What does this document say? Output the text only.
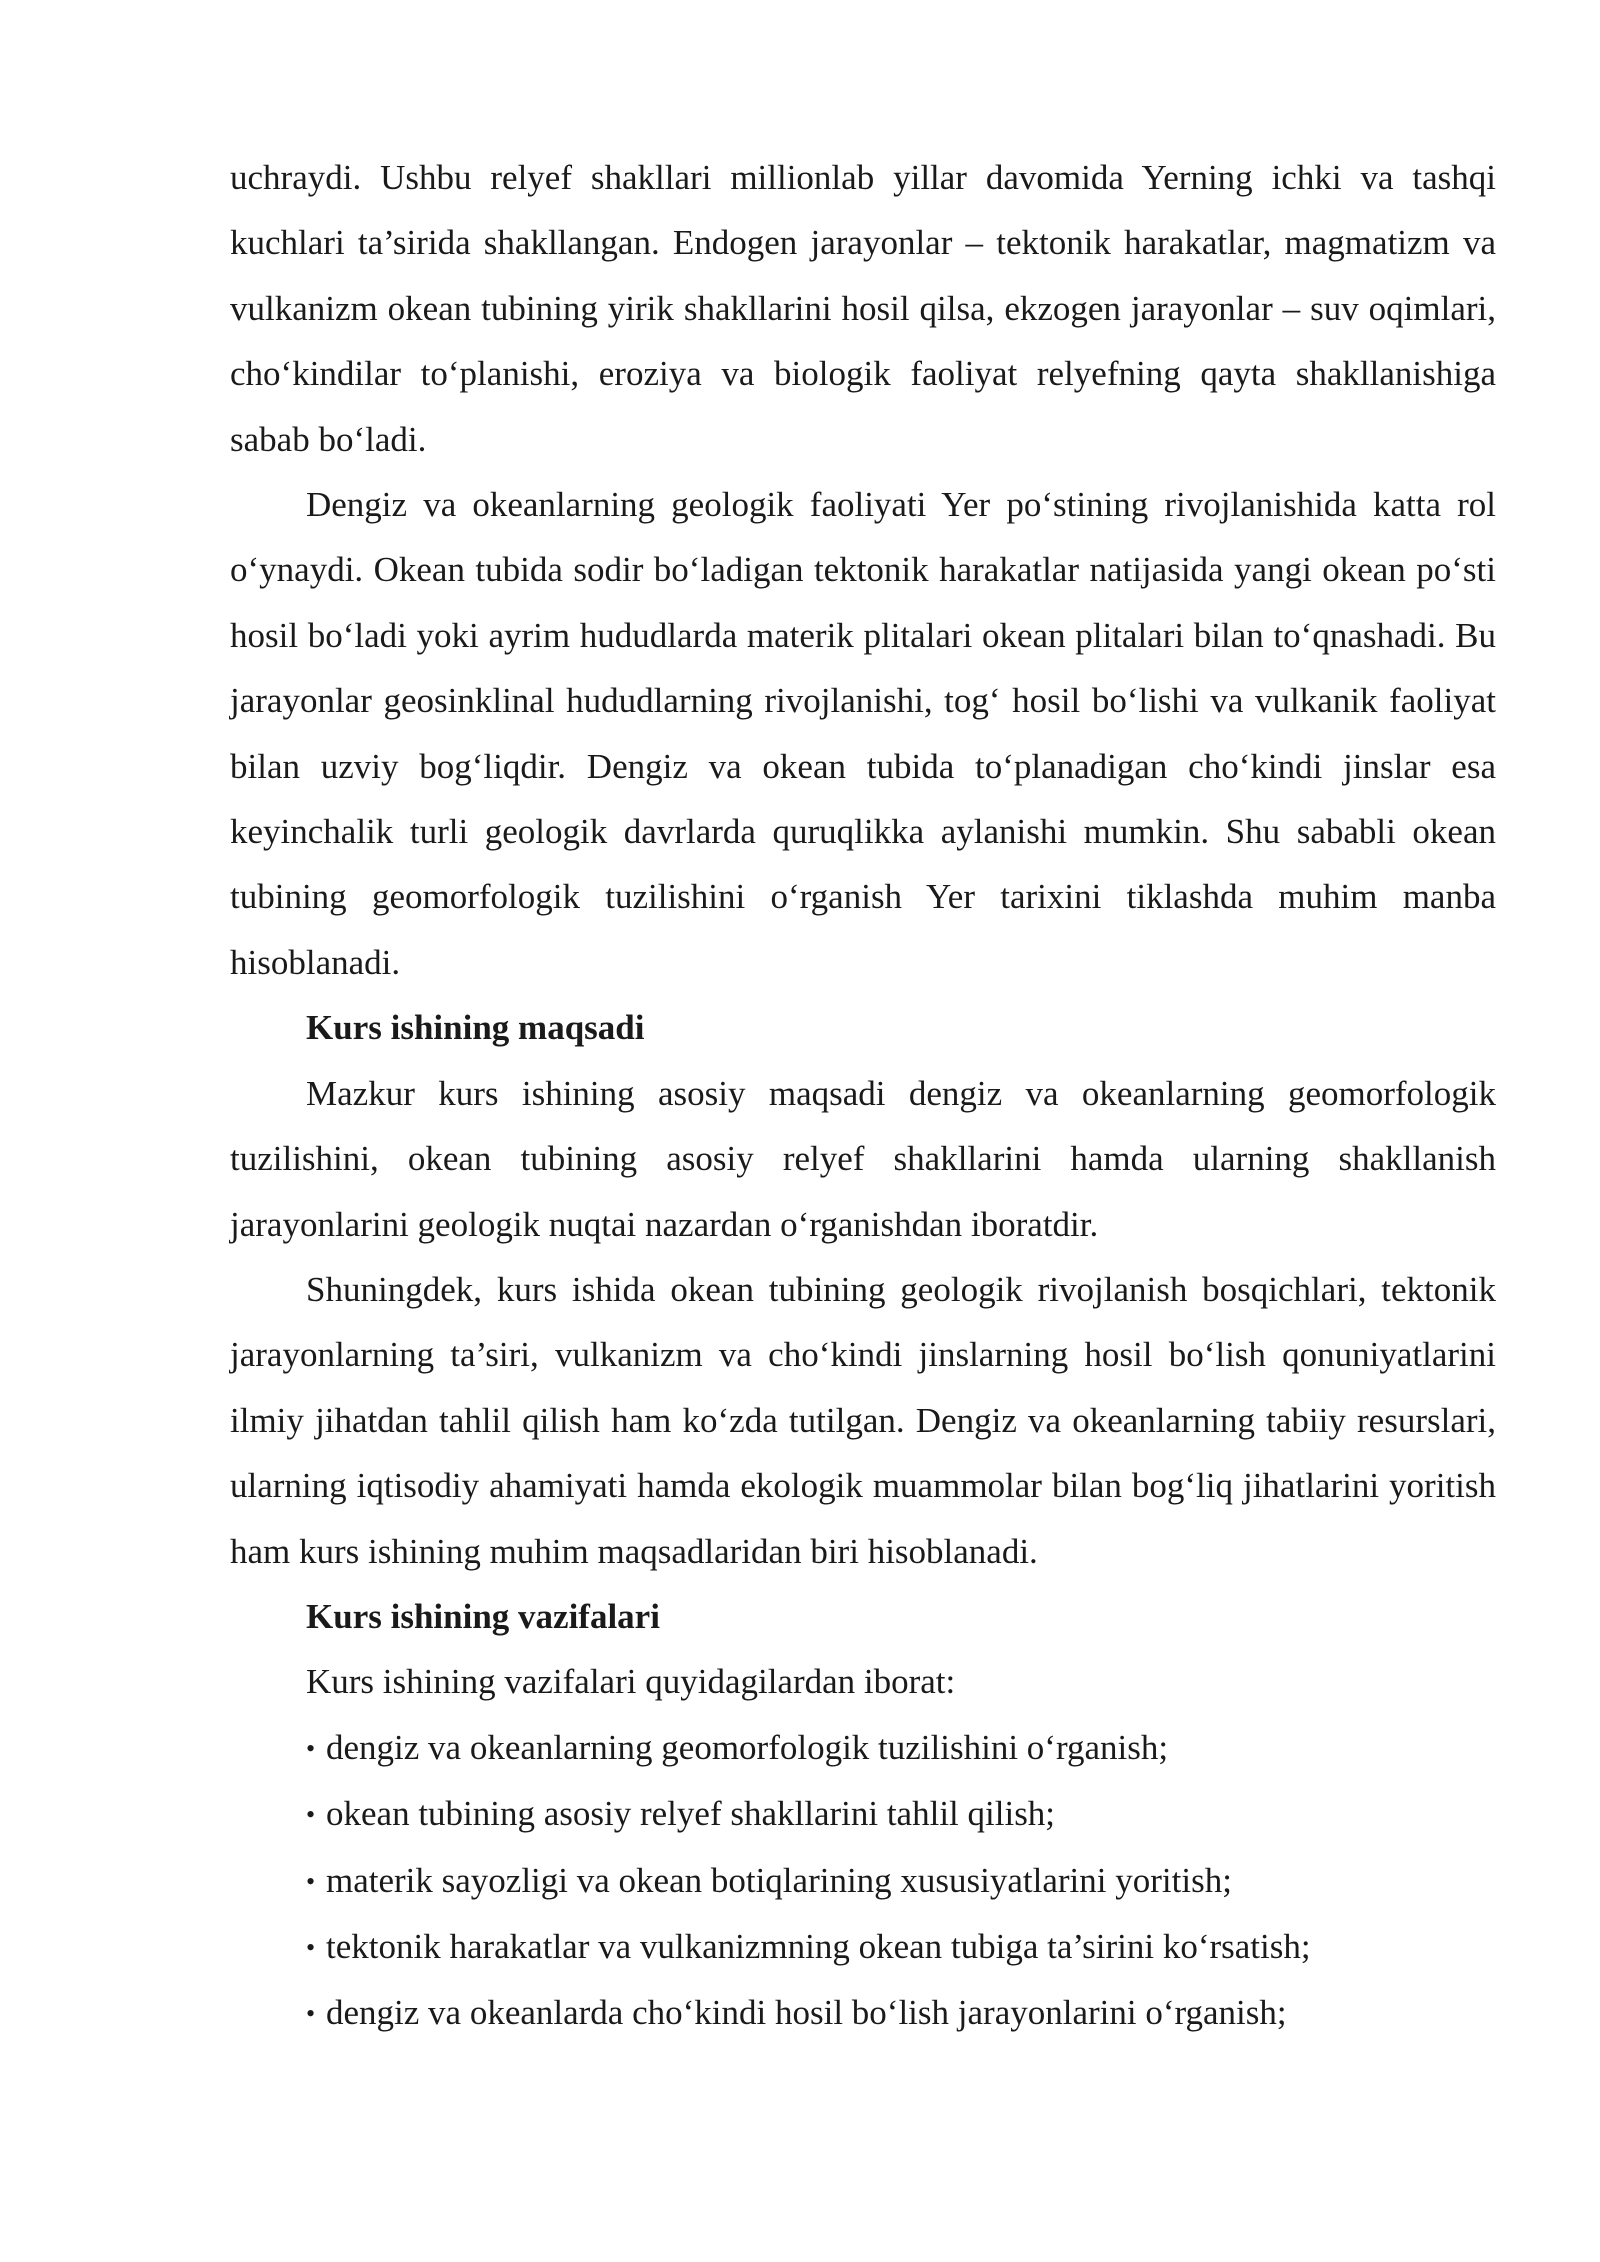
uchraydi. Ushbu relyef shakllari millionlab yillar davomida Yerning ichki va tashqi kuchlari ta’sirida shakllangan. Endogen jarayonlar – tektonik harakatlar, magmatizm va vulkanizm okean tubining yirik shakllarini hosil qilsa, ekzogen jarayonlar – suv oqimlari, cho‘kindilar to‘planishi, eroziya va biologik faoliyat relyefning qayta shakllanishiga sabab bo‘ladi.

Dengiz va okeanlarning geologik faoliyati Yer po‘stining rivojlanishida katta rol o‘ynaydi. Okean tubida sodir bo‘ladigan tektonik harakatlar natijasida yangi okean po‘sti hosil bo‘ladi yoki ayrim hududlarda materik plitalari okean plitalari bilan to‘qnashadi. Bu jarayonlar geosinklinal hududlarning rivojlanishi, tog‘ hosil bo‘lishi va vulkanik faoliyat bilan uzviy bog‘liqdir. Dengiz va okean tubida to‘planadigan cho‘kindi jinslar esa keyinchalik turli geologik davrlarda quruqlikka aylanishi mumkin. Shu sababli okean tubining geomorfologik tuzilishini o‘rganish Yer tarixini tiklashda muhim manba hisoblanadi.

Kurs ishining maqsadi

Mazkur kurs ishining asosiy maqsadi dengiz va okeanlarning geomorfologik tuzilishini, okean tubining asosiy relyef shakllarini hamda ularning shakllanish jarayonlarini geologik nuqtai nazardan o‘rganishdan iboratdir.

Shuningdek, kurs ishida okean tubining geologik rivojlanish bosqichlari, tektonik jarayonlarning ta’siri, vulkanizm va cho‘kindi jinslarning hosil bo‘lish qonuniyatlarini ilmiy jihatdan tahlil qilish ham ko‘zda tutilgan. Dengiz va okeanlarning tabiiy resurslari, ularning iqtisodiy ahamiyati hamda ekologik muammolar bilan bog‘liq jihatlarini yoritish ham kurs ishining muhim maqsadlaridan biri hisoblanadi.

Kurs ishining vazifalari

Kurs ishining vazifalari quyidagilardan iborat:

• dengiz va okeanlarning geomorfologik tuzilishini o‘rganish;
• okean tubining asosiy relyef shakllarini tahlil qilish;
• materik sayozligi va okean botiqlarining xususiyatlarini yoritish;
• tektonik harakatlar va vulkanizmning okean tubiga ta’sirini ko‘rsatish;
• dengiz va okeanlarda cho‘kindi hosil bo‘lish jarayonlarini o‘rganish;
